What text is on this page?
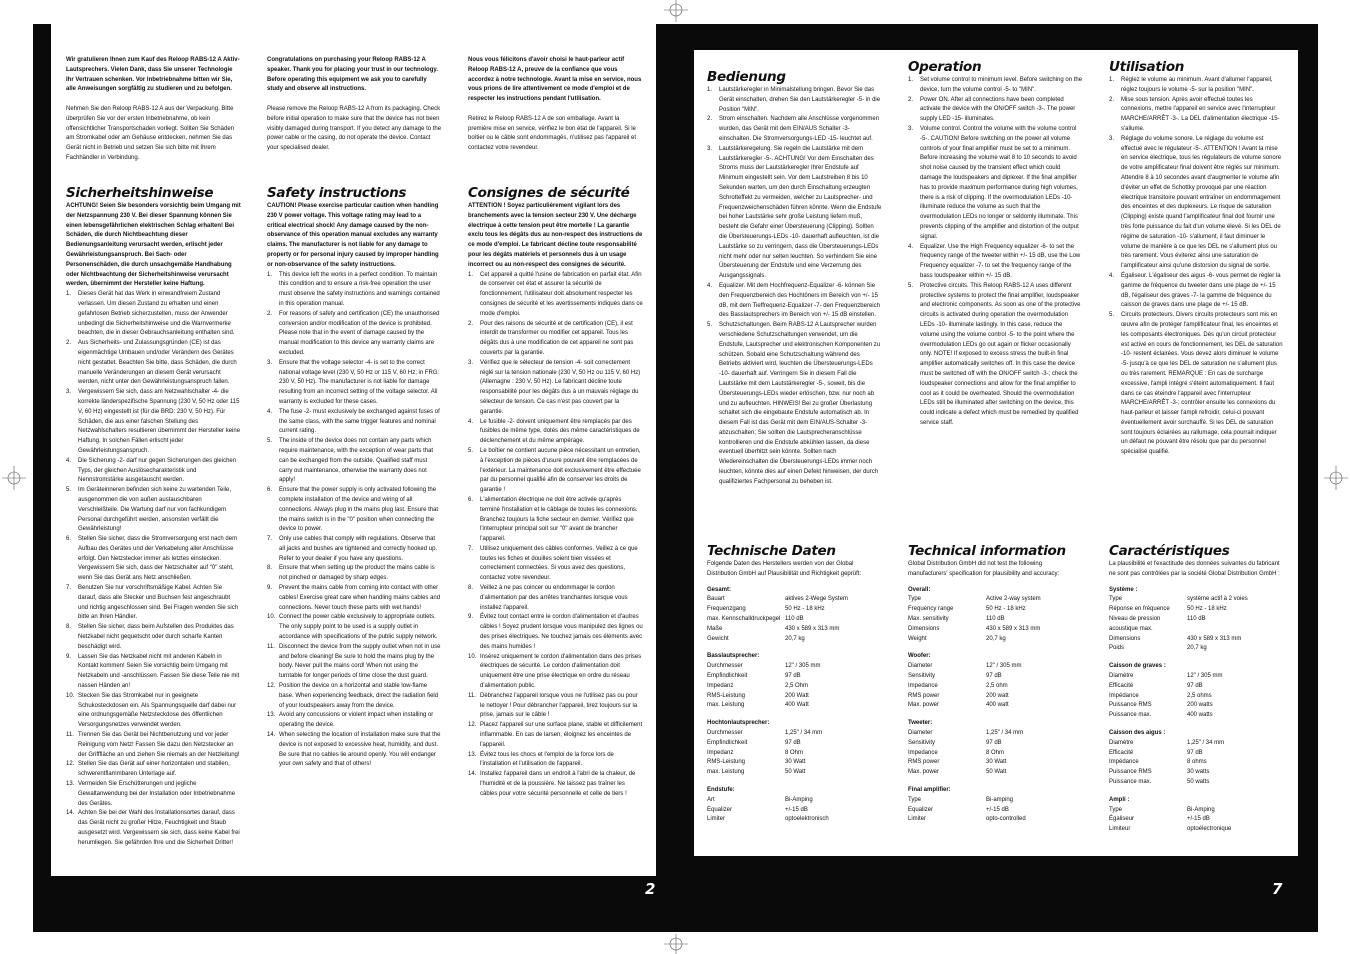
2	7

Wir gratulieren Ihnen zum Kauf des Reloop RABS-12 A Aktiv-Lautsprechers. Vielen Dank, dass Sie unserer Technologie Ihr Vertrauen schenken. Vor Inbetriebnahme bitten wir Sie, alle Anweisungen sorgfältig zu studieren und zu befolgen.

Nehmen Sie den Reloop RABS-12 A aus der Verpackung. Bitte überprüfen Sie vor der ersten Inbetriebnahme, ob kein offensichtlicher Transportschaden vorliegt. Sollten Sie Schäden am Stromkabel oder am Gehäuse entdecken, nehmen Sie das Gerät nicht in Betrieb und setzen Sie sich bitte mit Ihrem Fachhändler in Verbindung.

Congratulations on purchasing your Reloop RABS-12 A speaker. Thank you for placing your trust in our technology. Before operating this equipment we ask you to carefully study and observe all instructions.

Please remove the Reloop RABS-12 A from its packaging. Check before initial operation to make sure that the device has not been visibly damaged during transport. If you detect any damage to the power cable or the casing, do not operate the device. Contact your specialised dealer.

Nous vous félicitons d'avoir choisi le haut-parleur actif Reloop RABS-12 A, preuve de la confiance que vous accordez à notre technologie. Avant la mise en service, nous vous prions de lire attentivement ce mode d'emploi et de respecter les instructions pendant l'utilisation.

Retirez le Reloop RABS-12 A de son emballage. Avant la première mise en service, vérifiez le bon état de l'appareil. Si le boîtier ou le câble sont endommagés, n'utilisez pas l'appareil et contactez votre revendeur.

Sicherheitshinweise

ACHTUNG! Seien Sie besonders vorsichtig beim Umgang mit der Netzspannung 230 V. Bei dieser Spannung können Sie einen lebensgefährlichen elektrischen Schlag erhalten! Bei Schäden, die durch Nichtbeachtung dieser Bedienungsanleitung verursacht werden, erlischt jeder Gewährleistungsanspruch. Bei Sach- oder Personenschäden, die durch unsachgemäße Handhabung oder Nichtbeachtung der Sicherheitshinweise verursacht werden, übernimmt der Hersteller keine Haftung.

1.	Dieses Gerät hat das Werk in einwandfreiem Zustand verlassen. Um diesen Zustand zu erhalten und einen gefahrlosen Betrieb sicherzustellen, muss der Anwender unbedingt die Sicherheitshinweise und die Warnvermerke beachten, die in dieser Gebrauchsanleitung enthalten sind.
2.	Aus Sicherheits- und Zulassungsgründen (CE) ist das eigenmächtige Umbauen und/oder Verändern des Gerätes nicht gestattet. Beachten Sie bitte, dass Schäden, die durch manuelle Veränderungen an diesem Gerät verursacht werden, nicht unter den Gewährleistungsanspruch fallen.
3.	Vergewissern Sie sich, dass am Netzwahlschalter -4- die korrekte länderspezifische Spannung (230 V, 50 Hz oder 115 V, 60 Hz) eingestellt ist (für die BRD: 230 V, 50 Hz). Für Schäden, die aus einer falschen Stellung des Netzwahlschalters resultieren übernimmt der Hersteller keine Haftung. In solchen Fällen erlischt jeder Gewährleistungsanspruch.
4.	Die Sicherung -2- darf nur gegen Sicherungen des gleichen Typs, der gleichen Auslösecharakteristik und Nennstromstärke ausgetauscht werden.
5.	Im Geräteinneren befinden sich keine zu wartenden Teile, ausgenommen die von außen austauschbaren Verschleißteile. Die Wartung darf nur von fachkundigem Personal durchgeführt werden, ansonsten verfällt die Gewährleistung!
6.	Stellen Sie sicher, dass die Stromversorgung erst nach dem Aufbau des Gerätes und der Verkabelung aller Anschlüsse erfolgt. Den Netzstecker immer als letztes einstecken. Vergewissern Sie sich, dass der Netzschalter auf "0" steht, wenn Sie das Gerät ans Netz anschließen.
7.	Benutzen Sie nur vorschriftsmäßige Kabel. Achten Sie darauf, dass alle Stecker und Buchsen fest angeschraubt und richtig angeschlossen sind. Bei Fragen wenden Sie sich bitte an Ihren Händler.
8.	Stellen Sie sicher, dass beim Aufstellen des Produktes das Netzkabel nicht gequetscht oder durch scharfe Kanten beschädigt wird.
9.	Lassen Sie das Netzkabel nicht mit anderen Kabeln in Kontakt kommen! Seien Sie vorsichtig beim Umgang mit Netzkabeln und -anschlüssen. Fassen Sie diese Teile nie mit nassen Händen an!
10. Stecken Sie das Stromkabel nur in geeignete Schukosteckdosen ein. Als Spannungsquelle darf dabei nur eine ordnungsgemäße Netzsteckdose des öffentlichen Versorgungsnetzes verwendet werden.
11. Trennen Sie das Gerät bei Nichtbenutzung und vor jeder Reinigung vom Netz! Fassen Sie dazu den Netzstecker an der Grifffläche an und ziehen Sie niemals an der Netzleitung!
12. Stellen Sie das Gerät auf einer horizontalen und stabilen, schwerentflammbaren Unterlage auf.
13. Vermeiden Sie Erschütterungen und jegliche Gewaltanwendung bei der Installation oder Inbetriebnahme des Gerätes.
14. Achten Sie bei der Wahl des Installationsortes darauf, dass das Gerät nicht zu großer Hitze, Feuchtigkeit und Staub ausgesetzt wird. Vergewissern sie sich, dass keine Kabel frei herumliegen. Sie gefährden Ihre und die Sicherheit Dritter!
Safety instructions

CAUTION! Please exercise particular caution when handling 230 V power voltage. This voltage rating may lead to a critical electrical shock! Any damage caused by the non-observance of this operation manual excludes any warranty claims. The manufacturer is not liable for any damage to property or for personal injury caused by improper handling or non-observance of the safety instructions.

1.	This device left the works in a perfect condition. To maintain this condition and to ensure a risk-free operation the user must observe the safety instructions and warnings contained in this operation manual.
2.	For reasons of safety and certification (CE) the unauthorised conversion and/or modification of the device is prohibited. Please note that in the event of damage caused by the manual modification to this device any warranty claims are excluded.
3.	Ensure that the voltage selector -4- is set to the correct national voltage level (230 V, 50 Hz or 115 V, 60 Hz; in FRG: 230 V, 50 Hz). The manufacturer is not liable for damage resulting from an incorrect setting of the voltage selector. All warranty is excluded for these cases.
4.	The fuse -2- must exclusively be exchanged against fuses of the same class, with the same trigger features and nominal current rating.
5.	The inside of the device does not contain any parts which require maintenance, with the exception of wear parts that can be exchanged from the outside. Qualified staff must carry out maintenance, otherwise the warranty does not apply!
6.	Ensure that the power supply is only activated following the complete installation of the device and wiring of all connections. Always plug in the mains plug last. Ensure that the mains switch is in the "0" position when connecting the device to power.
7.	Only use cables that comply with regulations. Observe that all jacks and bushes are tightened and correctly hooked up. Refer to your dealer if you have any questions.
8.	Ensure that when setting up the product the mains cable is not pinched or damaged by sharp edges.
9.	Prevent the mains cable from coming into contact with other cables! Exercise great care when handling mains cables and connections. Never touch these parts with wet hands!
10. Connect the power cable exclusively to appropriate outlets. The only supply point to be used is a supply outlet in accordance with specifications of the public supply network.
11. Disconnect the device from the supply outlet when not in use and before cleaning! Be sure to hold the mains plug by the body. Never pull the mains cord! When not using the turntable for longer periods of time close the dust guard.
12. Position the device on a horizontal and stable low-flame base. When experiencing feedback, direct the radiation field of your loudspeakers away from the device.
13. Avoid any concussions or violent impact when installing or operating the device.
14. When selecting the location of installation make sure that the device is not exposed to excessive heat, humidity, and dust. Be sure that no cables lie around openly. You will endanger your own safety and that of others!
Consignes de sécurité

ATTENTION ! Soyez particulièrement vigilant lors des branchements avec la tension secteur 230 V. Une décharge électrique à cette tension peut être mortelle ! La garantie exclu tous les dégâts dus au non-respect des instructions de ce mode d'emploi. Le fabricant décline toute responsabilité pour les dégâts matériels et personnels dus à un usage incorrect ou au non-respect des consignes de sécurité.

1.	Cet appareil a quitté l'usine de fabrication en parfait état. Afin de conserver cet état et assurer la sécurité de fonctionnement, l'utilisateur doit absolument respecter les consignes de sécurité et les avertissements indiqués dans ce mode d'emploi.
2.	Pour des raisons de sécurité et de certification (CE), il est interdit de transformer ou modifier cet appareil. Tous les dégâts dus à une modification de cet appareil ne sont pas couverts par la garantie.
3.	Vérifiez que le sélecteur de tension -4- soit correctement réglé sur la tension nationale (230 V, 50 Hz ou 115 V, 60 Hz) (Allemagne : 230 V, 50 Hz). Le fabricant décline toute responsabilité pour les dégâts dus à un mauvais réglage du sélecteur de tension. Ce cas n'est pas couvert par la garantie.
4.	Le fusible -2- doivent uniquement être remplacés par des fusibles de même type, dotés des même caractéristiques de déclenchement et du même ampérage.
5.	Le boîtier ne contient aucune pièce nécessitant un entretien, à l'exception de pièces d'usure pouvant être remplacées de l'extérieur. La maintenance doit exclusivement être effectuée par du personnel qualifié afin de conserver les droits de garantie !
6.	L'alimentation électrique ne doit être activée qu'après terminé l'installation et le câblage de toutes les connexions. Branchez toujours la fiche secteur en dernier. Vérifiez que l'interrupteur principal soit sur "0" avant de brancher l'appareil.
7.	Utilisez uniquement des câbles conformes. Veillez à ce que toutes les fiches et douilles soient bien vissées et correctement connectées. Si vous avez des questions, contactez votre revendeur.
8.	Veillez à ne pas coincer ou endommager le cordon d'alimentation par des arrêtes tranchantes lorsque vous installez l'appareil.
9.	Évitez tout contact entre le cordon d'alimentation et d'autres câbles ! Soyez prudent lorsque vous manipulez des lignes ou des prises électriques. Ne touchez jamais ces éléments avec des mains humides !
10. Insérez uniquement le cordon d'alimentation dans des prises électriques de sécurité. Le cordon d'alimentation doit uniquement être une prise électrique en ordre du réseau d'alimentation public.
11. Débranchez l'appareil lorsque vous ne l'utilisez pas ou pour le nettoyer ! Pour débrancher l'appareil, tirez toujours sur la prise, jamais sur le câble !
12. Placez l'appareil sur une surface plane, stable et difficilement inflammable. En cas de larsen, éloignez les enceintes de l'appareil.
13. Évitez tous les chocs et l'emploi de la force lors de l'installation et l'utilisation de l'appareil.
14. Installez l'appareil dans un endroit à l'abri de la chaleur, de l'humidité et de la poussière. Ne laissez pas traîner les câbles pour votre sécurité personnelle et celle de tiers !
Bedienung
1.	Lautstärkeregler in Minimalstellung bringen. Bevor Sie das Gerät einschalten, drehen Sie den Lautstärkeregler -5- in die Position "MIN".
2.	Strom einschalten. Nachdem alle Anschlüsse vorgenommen wurden, das Gerät mit dem EIN/AUS Schalter -3- einschalten. Die Stromversorgungs-LED -15- leuchtet auf.
3.	Lautstärkeregelung. Sie regeln die Lautstärke mit dem Lautstärkeregler -5-. ACHTUNG! Vor dem Einschalten des Stroms muss der Lautstärkeregler Ihrer Endstufe auf Minimum eingestellt sein. Vor dem Lautstreiben 8 bis 10 Sekunden warten, um den durch Einschaltung erzeugten Schrotteffekt zu vermeiden, welcher zu Lautsprecher- und Frequenzweichenschäden führen könnte. Wenn die Endstufe bei hoher Lautstärke sehr große Leistung liefern muß, besteht die Gefahr einer Übersteuerung (Clipping). Sollten die Übersteuerungs-LEDs -10- dauerhaft aufleuchten, ist die Lautstärke so zu verringern, dass die Übersteuerungs-LEDs nicht mehr oder nur selten leuchten. So verhindern Sie eine Übersteuerung der Endstufe und eine Verzerrung des Ausgangssignals.
4.	Equalizer. Mit dem Hochfrequenz-Equalizer -6- können Sie den Frequenzbereich des Hochtöners im Bereich von +/- 15 dB, mit dem Tieffrequenz-Equalizer -7- den Frequenzbereich des Basslautsprechers im Bereich von +/- 15 dB einstellen.
5.	Schutzschaltungen. Beim RABS-12 A Lautsprecher wurden verschiedene Schutzschaltungen verwendet, um die Endstufe, Lautsprecher und elektronischen Komponenten zu schützen. Sobald eine Schutzschaltung während des Betriebs aktiviert wird, leuchten die Übersteuerungs-LEDs -10- dauerhaft auf. Verringern Sie in diesem Fall die Lautstärke mit dem Lautstärkeregler -5-, soweit, bis die Übersteuerungs-LEDs wieder erlöschen, bzw. nur noch ab und zu aufleuchten. HINWEIS! Bei zu großer Überlastung schaltet sich die eingebaute Endstufe automatisch ab. In diesem Fall ist das Gerät mit dem EIN/AUS-Schalter -3- abzuschalten; Sie sollten die Lautsprecheranschlüsse kontrollieren und die Endstufe abkühlen lassen, da diese eventuell überhitzt sein könnte. Sollten nach Wiedereinschalten die Übersteuerungs-LEDs immer noch leuchten, könnte dies auf einen Defekt hinweisen, der durch qualifiziertes Fachpersonal zu beheben ist.
Operation
1.	Set volume control to minimum level. Before switching on the device, turn the volume control -5- to "MIN".
2.	Power ON. After all connections have been completed activate the device with the ON/OFF switch -3-. The power supply LED -15- illuminates.
3.	Volume control. Control the volume with the volume control -5-. CAUTION! Before switching on the power all volume controls of your final amplifier must be set to a minimum. Before increasing the volume wait 8 to 10 seconds to avoid shot noise caused by the transient effect which could damage the loudspeakers and diplexer. If the final amplifier has to provide maximum performance during high volumes, there is a risk of clipping. If the overmodulation LEDs -10- illuminate reduce the volume as such that the overmodulation LEDs no longer or seldomly illuminate. This prevents clipping of the amplifier and distortion of the output signal.
4.	Equalizer. Use the High Frequency equalizer -6- to set the frequency range of the tweeter within +/- 15 dB, use the Low Frequency equalizer -7- to set the frequency range of the bass loudspeaker within +/- 15 dB.
5.	Protective circuits. This Reloop RABS-12 A uses different protective systems to protect the final amplifier, loudspeaker and electronic components. As soon as one of the protective circuits is activated during operation the overmodulation LEDs -10- illuminate lastingly. In this case, reduce the volume using the volume control -5- to the point where the overmodulation LEDs go out again or flicker occasionally only. NOTE! If exposed to excess stress the built-in final amplifier automatically switches off. In this case the device must be switched off with the ON/OFF switch -3-; check the loudspeaker connections and allow for the final amplifier to cool as it could be overheated. Should the overmodulation LEDs still be illuminated after switching on the device, this could indicate a defect which must be remedied by qualified service staff.
Utilisation
1.	Réglez le volume au minimum. Avant d'allumer l'appareil, réglez toujours le volume -5- sur la position "MIN".
2.	Mise sous tension. Après avoir effectué toutes les connexions, mettre l'appareil en service avec l'interrupteur MARCHE/ARRÊT -3-. La DEL d'alimentation électrique -15- s'allume.
3.	Réglage du volume sonore. Le réglage du volume est effectué avec le régulateur -5-. ATTENTION ! Avant la mise en service électrique, tous les régulateurs de volume sonore de votre amplificateur final doivent être réglés sur minimum. Attendre 8 à 10 secondes avant d'augmenter le volume afin d'éviter un effet de Schottky provoqué par une réaction électrique transitoire pouvant entraîner un endommagement des enceintes et des duplexeurs. Le risque de saturation (Clipping) existe quand l'amplificateur final doit fournir une très forte puissance du fait d'un volume élevé. Si les DEL de régime de saturation -10- s'allument, il faut diminuer le volume de manière à ce que les DEL ne s'allument plus ou très rarement. Vous éviterez ainsi une saturation de l'amplificateur ainsi qu'une distorsion du signal de sortie.
4.	Égaliseur. L'égaliseur des aigus -6- vous permet de régler la gamme de fréquence du tweeter dans une plage de +/- 15 dB, l'égaliseur des graves -7- la gamme de fréquence du caisson de graves dans une plage de +/- 15 dB.
5.	Circuits protecteurs. Divers circuits protecteurs sont mis en œuvre afin de protéger l'amplificateur final, les enceintes et les composants électroniques. Dès qu'un circuit protecteur est activé en cours de fonctionnement, les DEL de saturation -10- restent éclairées. Vous devez alors diminuer le volume -5- jusqu'à ce que les DEL de saturation ne s'allument plus ou très rarement. REMARQUE : En cas de surcharge excessive, l'ampli intégré s'éteint automatiquement. Il faut dans ce cas éteindre l'appareil avec l'interrupteur MARCHE/ARRÊT -3-; contrôler ensuite les connexions du haut-parleur et laisser l'ampli refroidir, celui-ci pouvant éventuellement avoir surchauffé. Si les DEL de saturation sont toujours éclairées au rallumage, cela pourrait indiquer un défaut ne pouvant être résolu que par du personnel spécialisé qualifié.
Technische Daten

Folgende Daten des Herstellers werden von der Global Distribution GmbH auf Plausibilität und Richtigkeit geprüft:

Gesamt:
Bauart	aktives 2-Wege System
Frequenzgang	50 Hz - 18 kHz
max. Kennschalldruckpegel 110 dB
Maße	430 x 589 x 313 mm
Gewicht	20,7 kg
Basslautsprecher:
Durchmesser	12" / 305 mm
Empfindlichkeit	97 dB
Impedanz	2,5 Ohm
RMS-Leistung	200 Watt
max. Leistung	400 Watt
Hochtonlautsprecher:
Durchmesser	1,25" / 34 mm
Empfindlichkeit	97 dB
Impedanz	8 Ohm
RMS-Leistung	30 Watt
max. Leistung	50 Watt
Endstufe:
Art	Bi-Amping
Equalizer	+/-15 dB
Limiter	optoelektronisch
Technical information

Global Distribution GmbH did not test the following manufacturers' specification for plausibility and accuracy:

Overall:
Type	Active 2-way system
Frequency range	50 Hz - 18 kHz
Max. sensitivity	110 dB
Dimensions	430 x 589 x 313 mm
Weight	20,7 kg
Woofer:
Diameter	12" / 305 mm
Sensitivity	97 dB
Impedance	2,5 ohm
RMS power	200 watt
Max. power	400 watt
Tweeter:
Diameter	1,25" / 34 mm
Sensitivity	97 dB
Impedance	8 Ohm
RMS power	30 Watt
Max. power	50 Watt
Final amplifier:
Type	Bi-amping
Equalizer	+/-15 dB
Limiter	opto-controlled
Caractéristiques

La plausibilité et l'exactitude des données suivantes du fabricant ne sont pas contrôlées par la société Global Distribution GmbH :

Système :
Type	système actif à 2 voies
Réponse en fréquence	50 Hz - 18 kHz
Niveau de pression acoustique max.
110 dB
Dimensions	430 x 589 x 313 mm
Poids	20,7 kg
Caisson de graves :
Diamètre	12" / 305 mm
Efficacité	97 dB
Impédance	2,5 ohms
Puissance RMS	200 watts
Puissance max.	400 watts
Caisson des aigus :
Diamètre	1,25" / 34 mm
Efficacité	97 dB
Impédance	8 ohms
Puissance RMS	30 watts
Puissance max.	50 watts
Ampli :
Type	Bi-Amping
Égaliseur	+/-15 dB
Limiteur	optoélectronique
